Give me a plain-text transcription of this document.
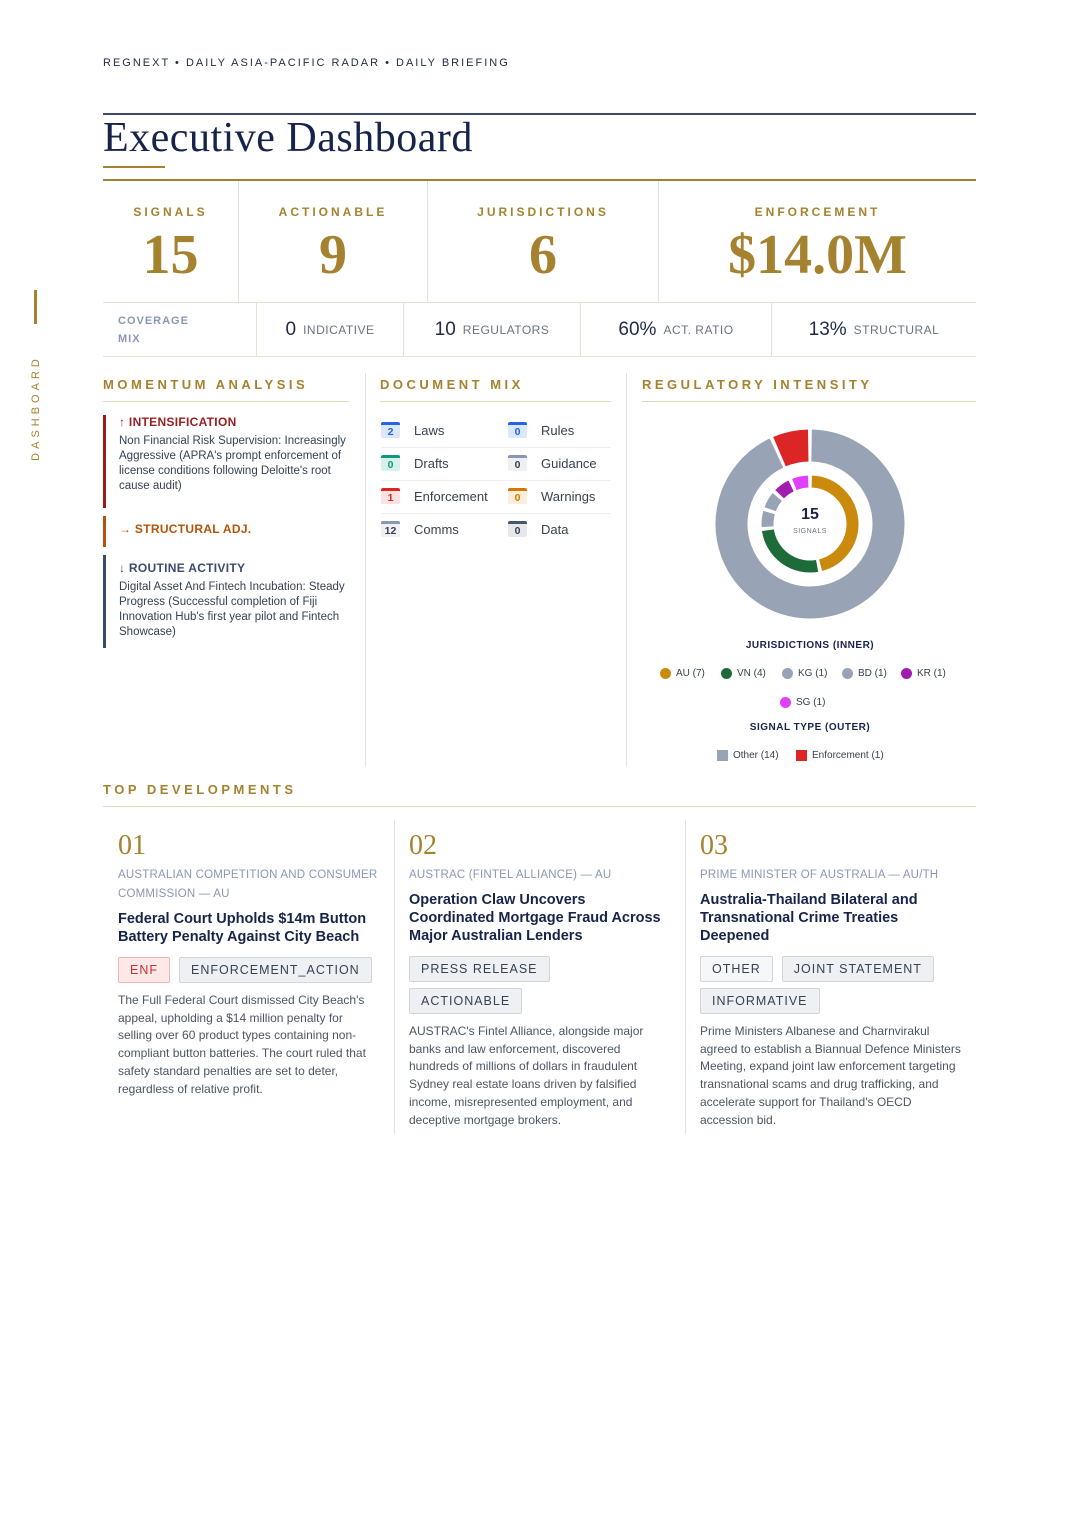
DASHBOARD
REGNEXT • DAILY ASIA-PACIFIC RADAR • DAILY BRIEFING
Executive Dashboard
SIGNALS
15
ACTIONABLE
9
JURISDICTIONS
6
ENFORCEMENT
$14.0M
COVERAGE
MIX	0 INDICATIVE	10 REGULATORS	60% ACT. RATIO	13% STRUCTURAL
MOMENTUM ANALYSIS
↑ INTENSIFICATION
Non Financial Risk Supervision: Increasingly Aggressive (APRA's prompt enforcement of license conditions following Deloitte's root cause audit)
→ STRUCTURAL ADJ.
↓ ROUTINE ACTIVITY
Digital Asset And Fintech Incubation: Steady Progress (Successful completion of Fiji Innovation Hub's first year pilot and Fintech Showcase)
DOCUMENT MIX
2	Laws	0	Rules
0	Drafts	0	Guidance
1	Enforcement	0	Warnings
12 Comms	0	Data
REGULATORY INTENSITY
15
SIGNALS
JURISDICTIONS (INNER)
AU (7)	VN (4)	KG (1)	BD (1)	KR (1)
SG (1)
SIGNAL TYPE (OUTER)
Other (14)	Enforcement (1)
TOP DEVELOPMENTS
01
AUSTRALIAN COMPETITION AND CONSUMER COMMISSION — AU
Federal Court Upholds $14m Button Battery Penalty Against City Beach
ENF	ENFORCEMENT_ACTION
The Full Federal Court dismissed City Beach's appeal, upholding a $14 million penalty for selling over 60 product types containing non-compliant button batteries. The court ruled that safety standard penalties are set to deter, regardless of relative profit.
02
AUSTRAC (FINTEL ALLIANCE) — AU
Operation Claw Uncovers Coordinated Mortgage Fraud Across Major Australian Lenders
PRESS RELEASE
ACTIONABLE
AUSTRAC's Fintel Alliance, alongside major banks and law enforcement, discovered hundreds of millions of dollars in fraudulent Sydney real estate loans driven by falsified income, misrepresented employment, and deceptive mortgage brokers.
03
PRIME MINISTER OF AUSTRALIA — AU/TH
Australia-Thailand Bilateral and Transnational Crime Treaties Deepened
OTHER	JOINT STATEMENT
INFORMATIVE
Prime Ministers Albanese and Charnvirakul agreed to establish a Biannual Defence Ministers Meeting, expand joint law enforcement targeting transnational scams and drug trafficking, and accelerate support for Thailand's OECD accession bid.
